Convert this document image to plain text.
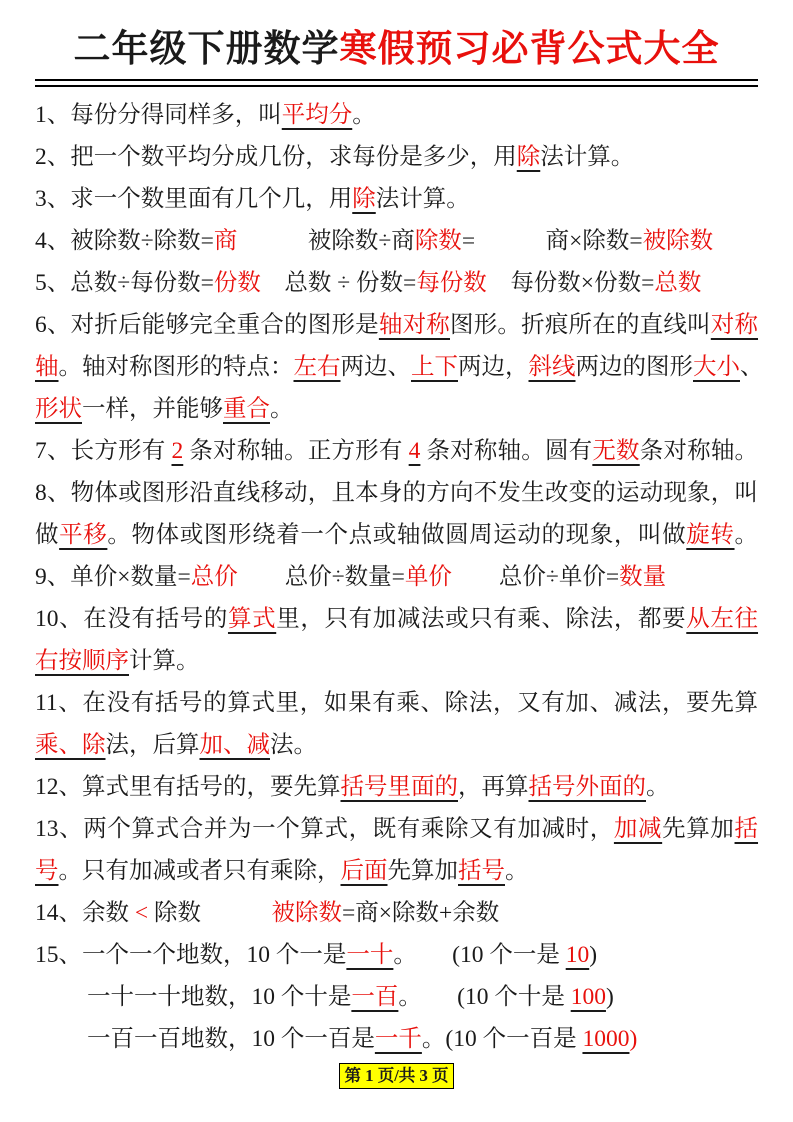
二年级下册数学寒假预习必背公式大全
1、每份分得同样多，叫平均分。
2、把一个数平均分成几份，求每份是多少，用除法计算。
3、求一个数里面有几个几，用除法计算。
4、被除数÷除数=商　　　	被除数÷商除数=　　　	商×除数=被除数
5、总数÷每份数=份数　 总数 ÷ 份数=每份数　 每份数×份数=总数
6、对折后能够完全重合的图形是轴对称图形。折痕所在的直线叫对称
轴。轴对称图形的特点：左右两边、上下两边，斜线两边的图形大小、
形状一样，并能够重合。
7、长方形有 2 条对称轴。正方形有 4 条对称轴。圆有无数条对称轴。
8、物体或图形沿直线移动，且本身的方向不发生改变的运动现象，叫
做平移。物体或图形绕着一个点或轴做圆周运动的现象，叫做旋转。
9、单价×数量=总价　　 总价÷数量=单价　　 总价÷单价=数量
10、在没有括号的算式里，只有加减法或只有乘、除法，都要从左往
右按顺序计算。
11、在没有括号的算式里，如果有乘、除法，又有加、减法，要先算
乘、除法，后算加、减法。
12、算式里有括号的，要先算括号里面的，再算括号外面的。
13、两个算式合并为一个算式，既有乘除又有加减时，加减先算加括
号。只有加减或者只有乘除，后面先算加括号。
14、余数 < 除数　　　	被除数=商×除数+余数
15、一个一个地数，10 个一是一十。　　 (10 个一是 10)
一十一十地数，10 个十是一百。　　 (10 个十是 100)
一百一百地数，10 个一百是一千。(10 个一百是 1000)
第 1 页/共 3 页
